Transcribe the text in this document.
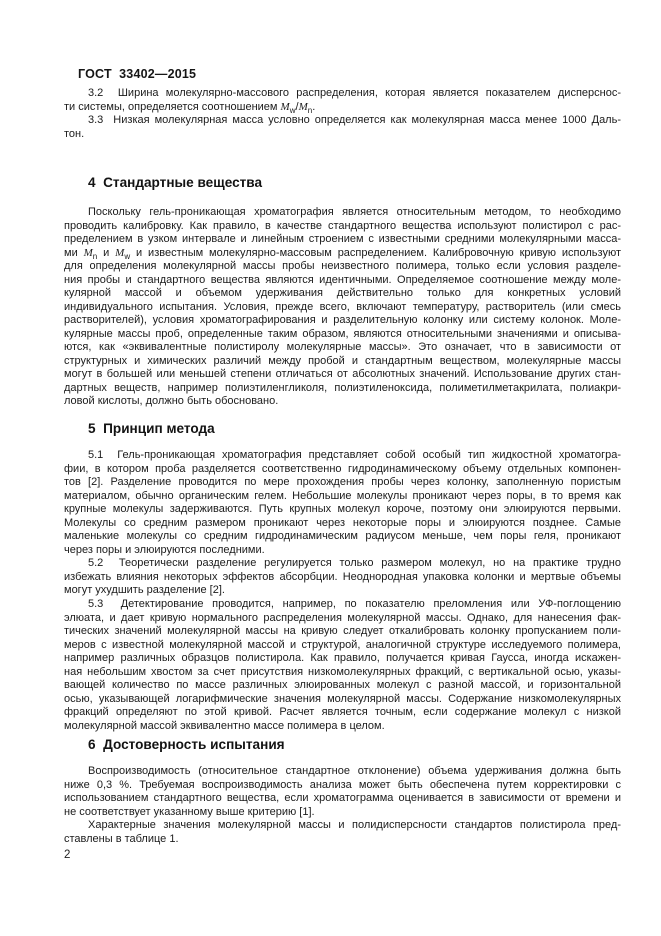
ГОСТ  33402—2015
3.2  Ширина молекулярно-массового распределения, которая является показателем дисперснос-
ти системы, определяется соотношением $M_w/M_n$.
3.3  Низкая молекулярная масса условно определяется как молекулярная масса менее 1000 Даль-
тон.
4  Стандартные вещества
Поскольку гель-проникающая хроматография является относительным методом, то необходимо
проводить калибровку. Как правило, в качестве стандартного вещества используют полистирол с рас-
пределением в узком интервале и линейным строением с известными средними молекулярными масса-
ми $M_n$ и $M_w$ и известным молекулярно-массовым распределением. Калибровочную кривую используют
для определения молекулярной массы пробы неизвестного полимера, только если условия разделе-
ния пробы и стандартного вещества являются идентичными. Определяемое соотношение между моле-
кулярной массой и объемом удерживания действительно только для конкретных условий
индивидуального испытания. Условия, прежде всего, включают температуру, растворитель (или смесь
растворителей), условия хроматографирования и разделительную колонку или систему колонок. Моле-
кулярные массы проб, определенные таким образом, являются относительными значениями и описыва-
ются, как «эквивалентные полистиролу молекулярные массы». Это означает, что в зависимости от
структурных и химических различий между пробой и стандартным веществом, молекулярные массы
могут в большей или меньшей степени отличаться от абсолютных значений. Использование других стан-
дартных веществ, например полиэтиленгликоля, полиэтиленоксида, полиметилметакрилата, полиакри-
ловой кислоты, должно быть обосновано.
5  Принцип метода
5.1  Гель-проникающая хроматография представляет собой особый тип жидкостной хроматогра-
фии, в котором проба разделяется соответственно гидродинамическому объему отдельных компонен-
тов [2]. Разделение проводится по мере прохождения пробы через колонку, заполненную пористым
материалом, обычно органическим гелем. Небольшие молекулы проникают через поры, в то время как
крупные молекулы задерживаются. Путь крупных молекул короче, поэтому они элюируются первыми.
Молекулы со средним размером проникают через некоторые поры и элюируются позднее. Самые
маленькие молекулы со средним гидродинамическим радиусом меньше, чем поры геля, проникают
через поры и элюируются последними.
5.2  Теоретически разделение регулируется только размером молекул, но на практике трудно
избежать влияния некоторых эффектов абсорбции. Неоднородная упаковка колонки и мертвые объемы
могут ухудшить разделение [2].
5.3  Детектирование проводится, например, по показателю преломления или УФ-поглощению
элюата, и дает кривую нормального распределения молекулярной массы. Однако, для нанесения фак-
тических значений молекулярной массы на кривую следует откалибровать колонку пропусканием поли-
меров с известной молекулярной массой и структурой, аналогичной структуре исследуемого полимера,
например различных образцов полистирола. Как правило, получается кривая Гаусса, иногда искажен-
ная небольшим хвостом за счет присутствия низкомолекулярных фракций, с вертикальной осью, указы-
вающей количество по массе различных элюированных молекул с разной массой, и горизонтальной
осью, указывающей логарифмические значения молекулярной массы. Содержание низкомолекулярных
фракций определяют по этой кривой. Расчет является точным, если содержание молекул с низкой
молекулярной массой эквивалентно массе полимера в целом.
6  Достоверность испытания
Воспроизводимость (относительное стандартное отклонение) объема удерживания должна быть
ниже 0,3 %. Требуемая воспроизводимость анализа может быть обеспечена путем корректировки с
использованием стандартного вещества, если хроматограмма оценивается в зависимости от времени и
не соответствует указанному выше критерию [1].
Характерные значения молекулярной массы и полидисперсности стандартов полистирола пред-
ставлены в таблице 1.
2
